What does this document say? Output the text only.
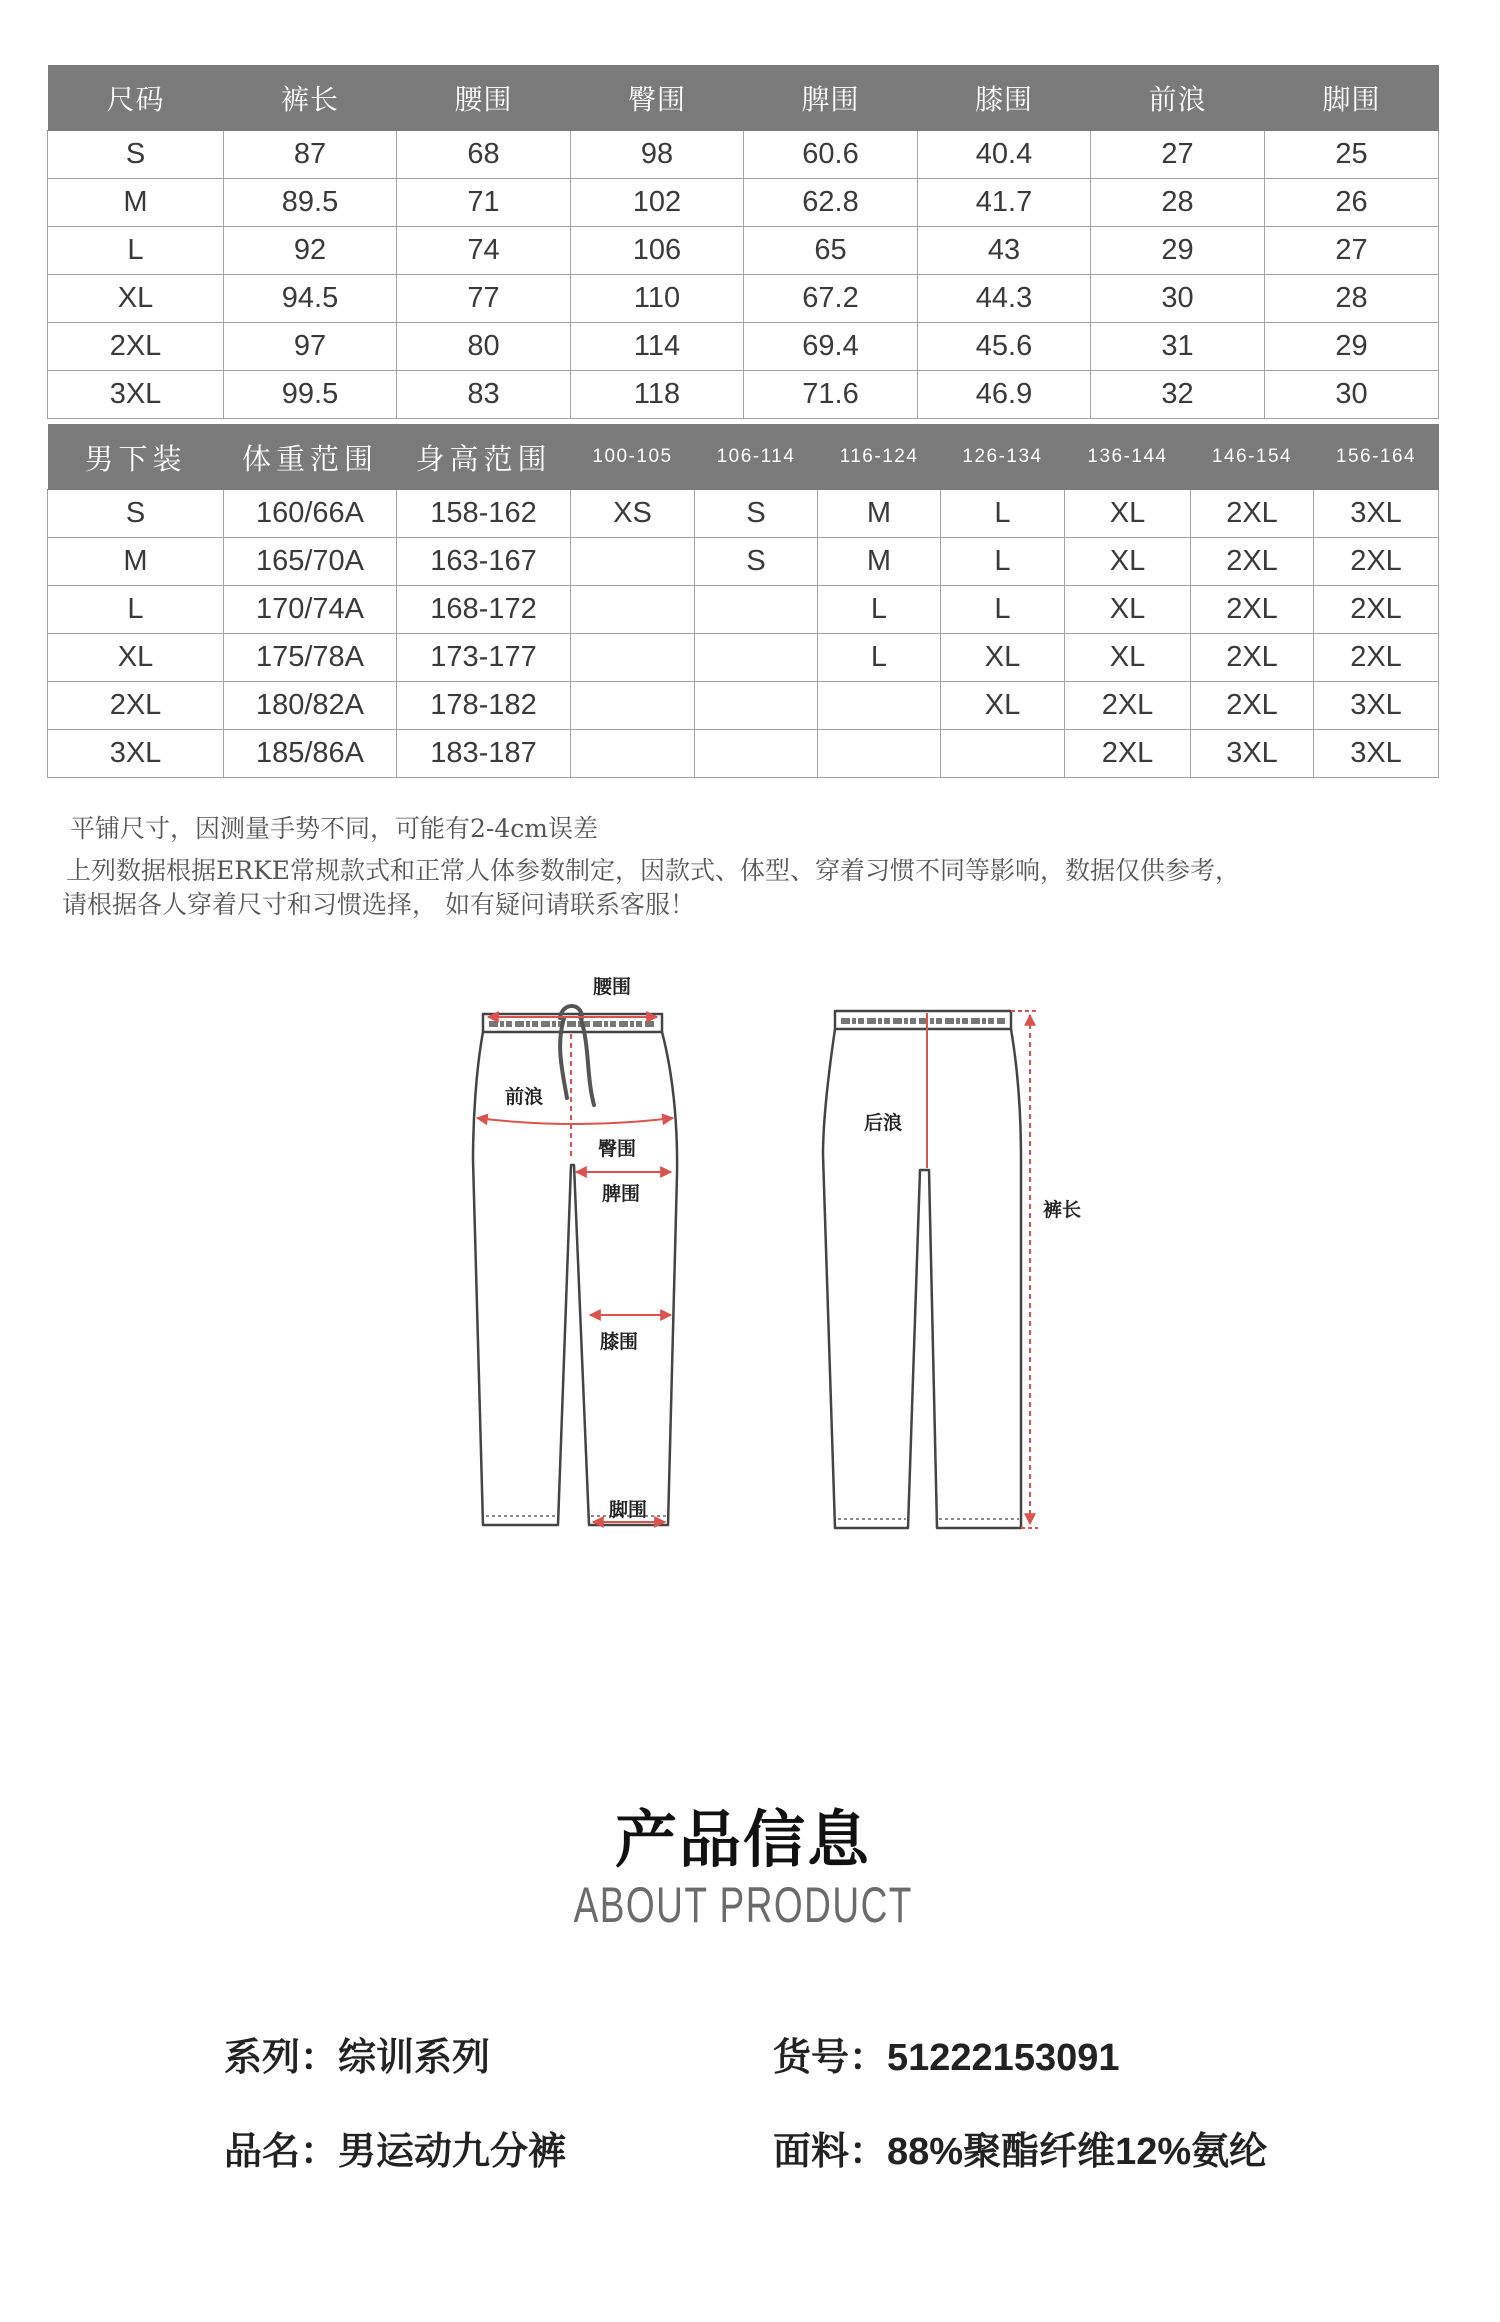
尺码	裤长	腰围	臀围	脾围	膝围	前浪	脚围
S	87	68	98	60.6	40.4	27	25
M	89.5	71	102	62.8	41.7	28	26
L	92	74	106	65	43	29	27
XL	94.5	77	110	67.2	44.3	30	28
2XL	97	80	114	69.4	45.6	31	29
3XL	99.5	83	118	71.6	46.9	32	30
男下装	体重范围	身高范围	100-105	106-114	116-124	126-134	136-144	146-154	156-164
S	160/66A	158-162	XS	S	M	L	XL	2XL	3XL
M	165/70A	163-167		S	M	L	XL	2XL	2XL
L	170/74A	168-172			L	L	XL	2XL	2XL
XL	175/78A	173-177			L	XL	XL	2XL	2XL
2XL	180/82A	178-182				XL	2XL	2XL	3XL
3XL	185/86A	183-187					2XL	3XL	3XL
平铺尺寸，因测量手势不同，可能有2-4cm误差
上列数据根据ERKE常规款式和正常人体参数制定，因款式、体型、穿着习惯不同等影响，数据仅供参考，
请根据各人穿着尺寸和习惯选择， 如有疑问请联系客服！
腰围
前浪
臀围
脾围
膝围
脚围
后浪
裤长
产品信息
ABOUT PRODUCT
系列：综训系列	货号：51222153091
品名：男运动九分裤	面料：88%聚酯纤维12%氨纶
